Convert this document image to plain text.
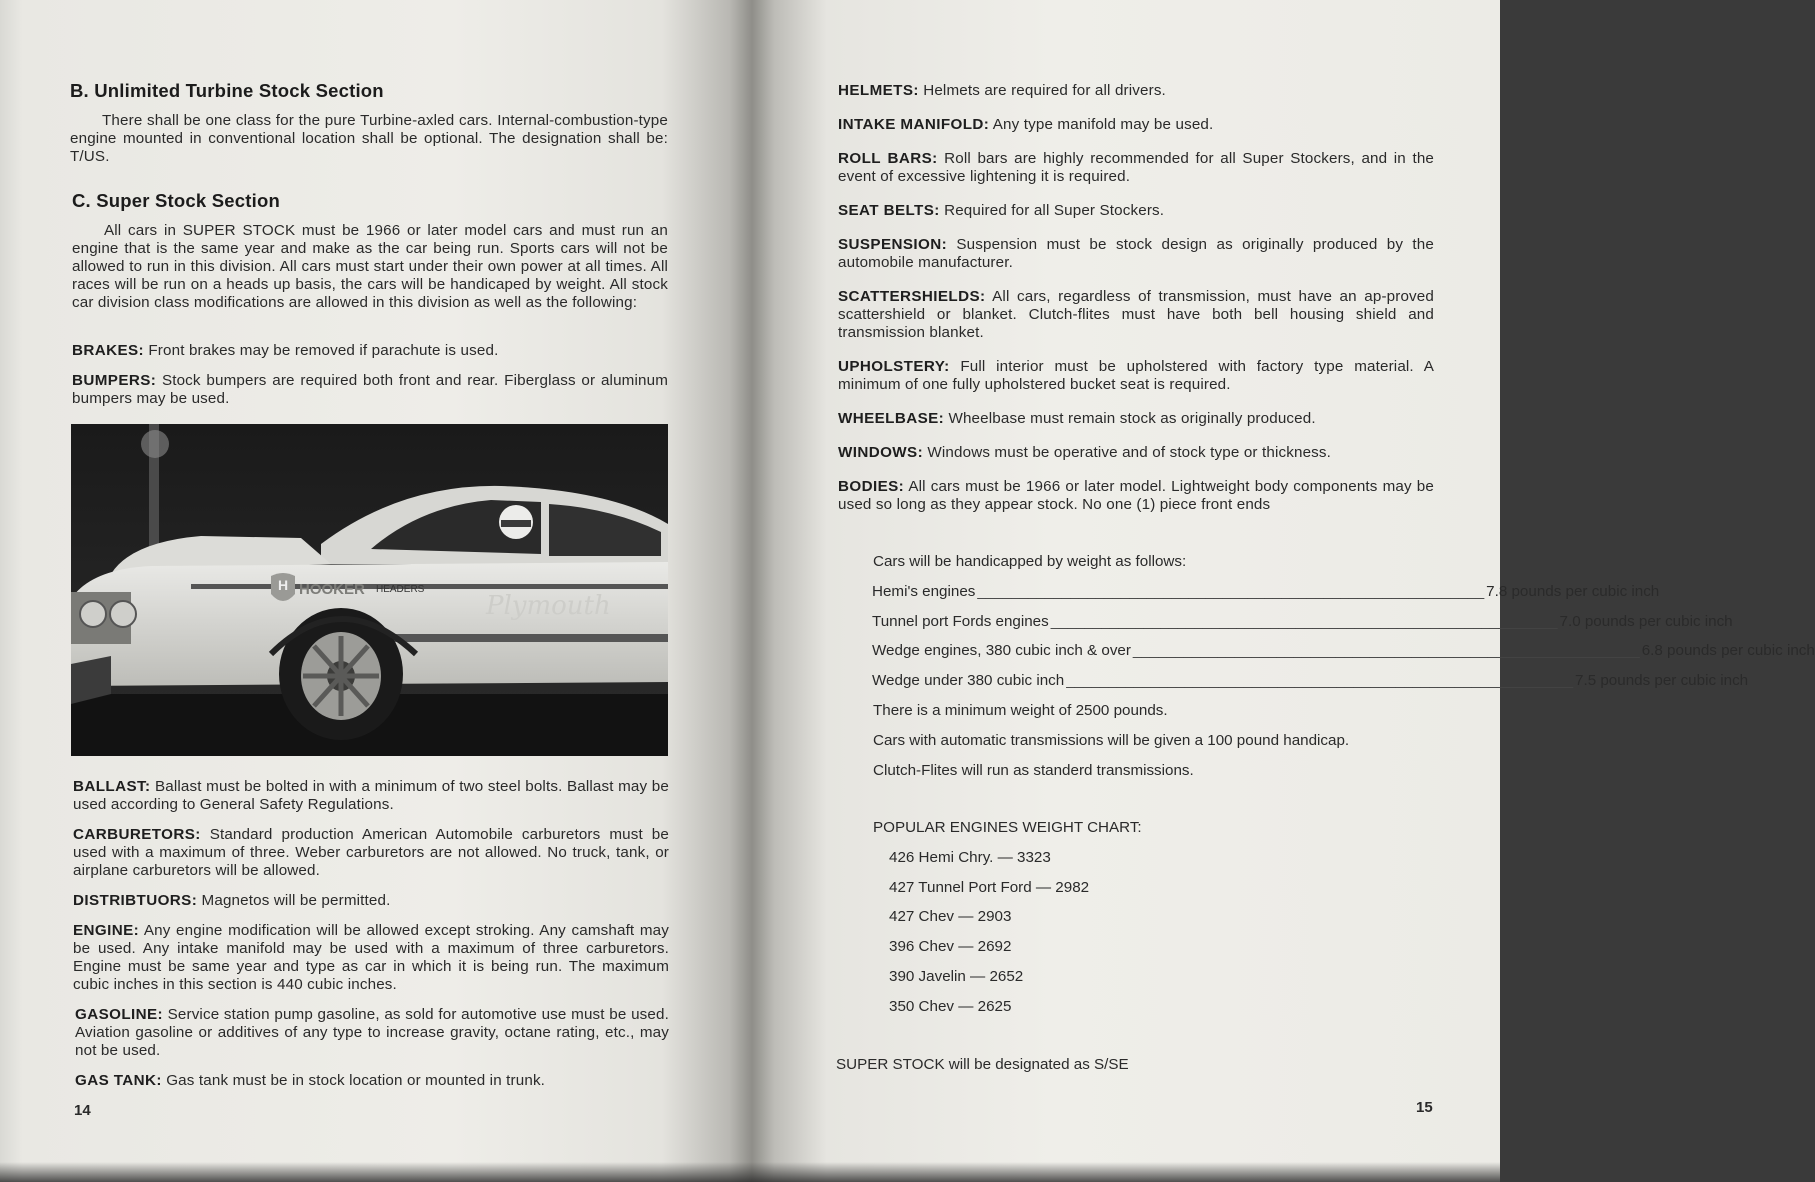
B. Unlimited Turbine Stock Section

There shall be one class for the pure Turbine-axled cars. Internal-combustion-type engine mounted in conventional location shall be optional. The designation shall be: T/US.

C. Super Stock Section

All cars in SUPER STOCK must be 1966 or later model cars and must run an engine that is the same year and make as the car being run. Sports cars will not be allowed to run in this division. All cars must start under their own power at all times. All races will be run on a heads up basis, the cars will be handicaped by weight. All stock car division class modifications are allowed in this division as well as the following:

BRAKES: Front brakes may be removed if parachute is used.

BUMPERS: Stock bumpers are required both front and rear. Fiberglass or aluminum bumpers may be used.

H HOOKER HEADERS
Plymouth

BALLAST: Ballast must be bolted in with a minimum of two steel bolts. Ballast may be used according to General Safety Regulations.

CARBURETORS: Standard production American Automobile carburetors must be used with a maximum of three. Weber carburetors are not allowed. No truck, tank, or airplane carburetors will be allowed.

DISTRIBTUORS: Magnetos will be permitted.

ENGINE: Any engine modification will be allowed except stroking. Any camshaft may be used. Any intake manifold may be used with a maximum of three carburetors. Engine must be same year and type as car in which it is being run. The maximum cubic inches in this section is 440 cubic inches.

GASOLINE: Service station pump gasoline, as sold for automotive use must be used. Aviation gasoline or additives of any type to increase gravity, octane rating, etc., may not be used.

GAS TANK: Gas tank must be in stock location or mounted in trunk.

14

HELMETS: Helmets are required for all drivers.

INTAKE MANIFOLD: Any type manifold may be used.

ROLL BARS: Roll bars are highly recommended for all Super Stockers, and in the event of excessive lightening it is required.

SEAT BELTS: Required for all Super Stockers.

SUSPENSION: Suspension must be stock design as originally produced by the automobile manufacturer.

SCATTERSHIELDS: All cars, regardless of transmission, must have an ap-proved scattershield or blanket. Clutch-flites must have both bell housing shield and transmission blanket.

UPHOLSTERY: Full interior must be upholstered with factory type material. A minimum of one fully upholstered bucket seat is required.

WHEELBASE: Wheelbase must remain stock as originally produced.

WINDOWS: Windows must be operative and of stock type or thickness.

BODIES: All cars must be 1966 or later model. Lightweight body components may be used so long as they appear stock. No one (1) piece front ends

Cars will be handicapped by weight as follows:
Hemi's engines ____________________________________________________________ 7.8 pounds per cubic inch
Tunnel port Fords engines ____________________________________________________________ 7.0 pounds per cubic inch
Wedge engines, 380 cubic inch & over ____________________________________________________________ 6.8 pounds per cubic inch
Wedge under 380 cubic inch ____________________________________________________________ 7.5 pounds per cubic inch
There is a minimum weight of 2500 pounds.
Cars with automatic transmissions will be given a 100 pound handicap.
Clutch-Flites will run as standerd transmissions.
POPULAR ENGINES WEIGHT CHART:
426 Hemi Chry. — 3323
427 Tunnel Port Ford — 2982
427 Chev — 2903
396 Chev — 2692
390 Javelin — 2652
350 Chev — 2625
SUPER STOCK will be designated as S/SE
15
